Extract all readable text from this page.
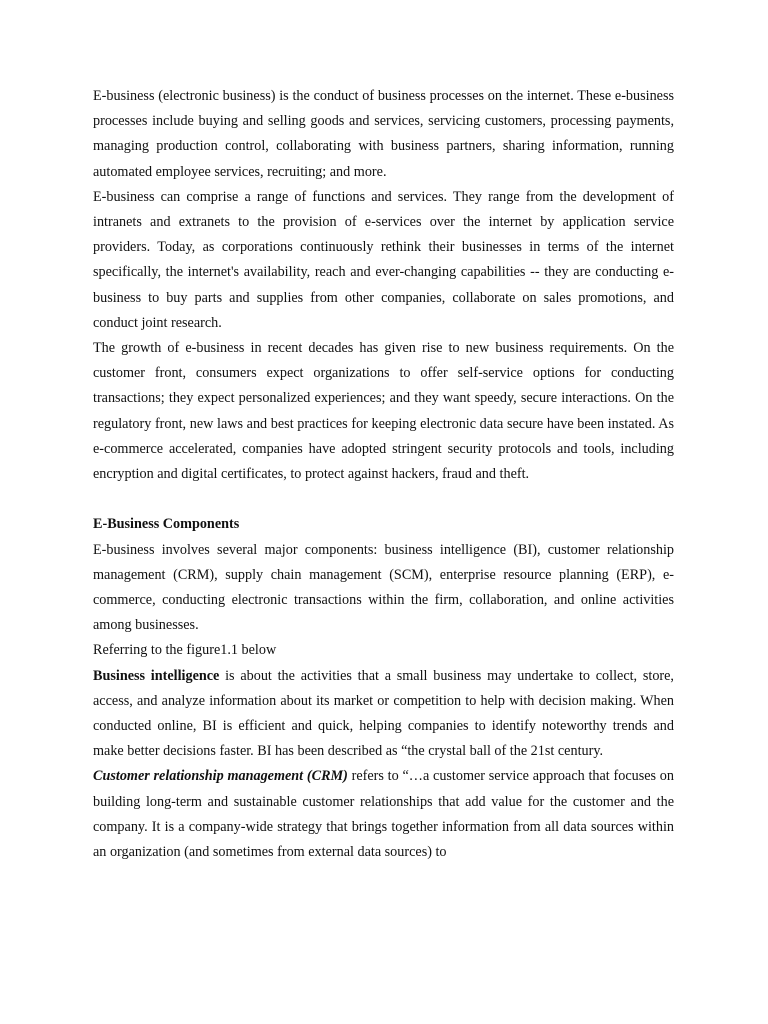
E-business (electronic business) is the conduct of business processes on the internet. These e-business processes include buying and selling goods and services, servicing customers, processing payments, managing production control, collaborating with business partners, sharing information, running automated employee services, recruiting; and more.

E-business can comprise a range of functions and services. They range from the development of intranets and extranets to the provision of e-services over the internet by application service providers. Today, as corporations continuously rethink their businesses in terms of the internet specifically, the internet's availability, reach and ever-changing capabilities -- they are conducting e-business to buy parts and supplies from other companies, collaborate on sales promotions, and conduct joint research.

The growth of e-business in recent decades has given rise to new business requirements. On the customer front, consumers expect organizations to offer self-service options for conducting transactions; they expect personalized experiences; and they want speedy, secure interactions. On the regulatory front, new laws and best practices for keeping electronic data secure have been instated. As e-commerce accelerated, companies have adopted stringent security protocols and tools, including encryption and digital certificates, to protect against hackers, fraud and theft.

E-Business Components

E-business involves several major components: business intelligence (BI), customer relationship management (CRM), supply chain management (SCM), enterprise resource planning (ERP), e-commerce, conducting electronic transactions within the firm, collaboration, and online activities among businesses.

Referring to the figure1.1 below

Business intelligence is about the activities that a small business may undertake to collect, store, access, and analyze information about its market or competition to help with decision making. When conducted online, BI is efficient and quick, helping companies to identify noteworthy trends and make better decisions faster. BI has been described as “the crystal ball of the 21st century.

Customer relationship management (CRM) refers to “…a customer service approach that focuses on building long-term and sustainable customer relationships that add value for the customer and the company. It is a company-wide strategy that brings together information from all data sources within an organization (and sometimes from external data sources) to
